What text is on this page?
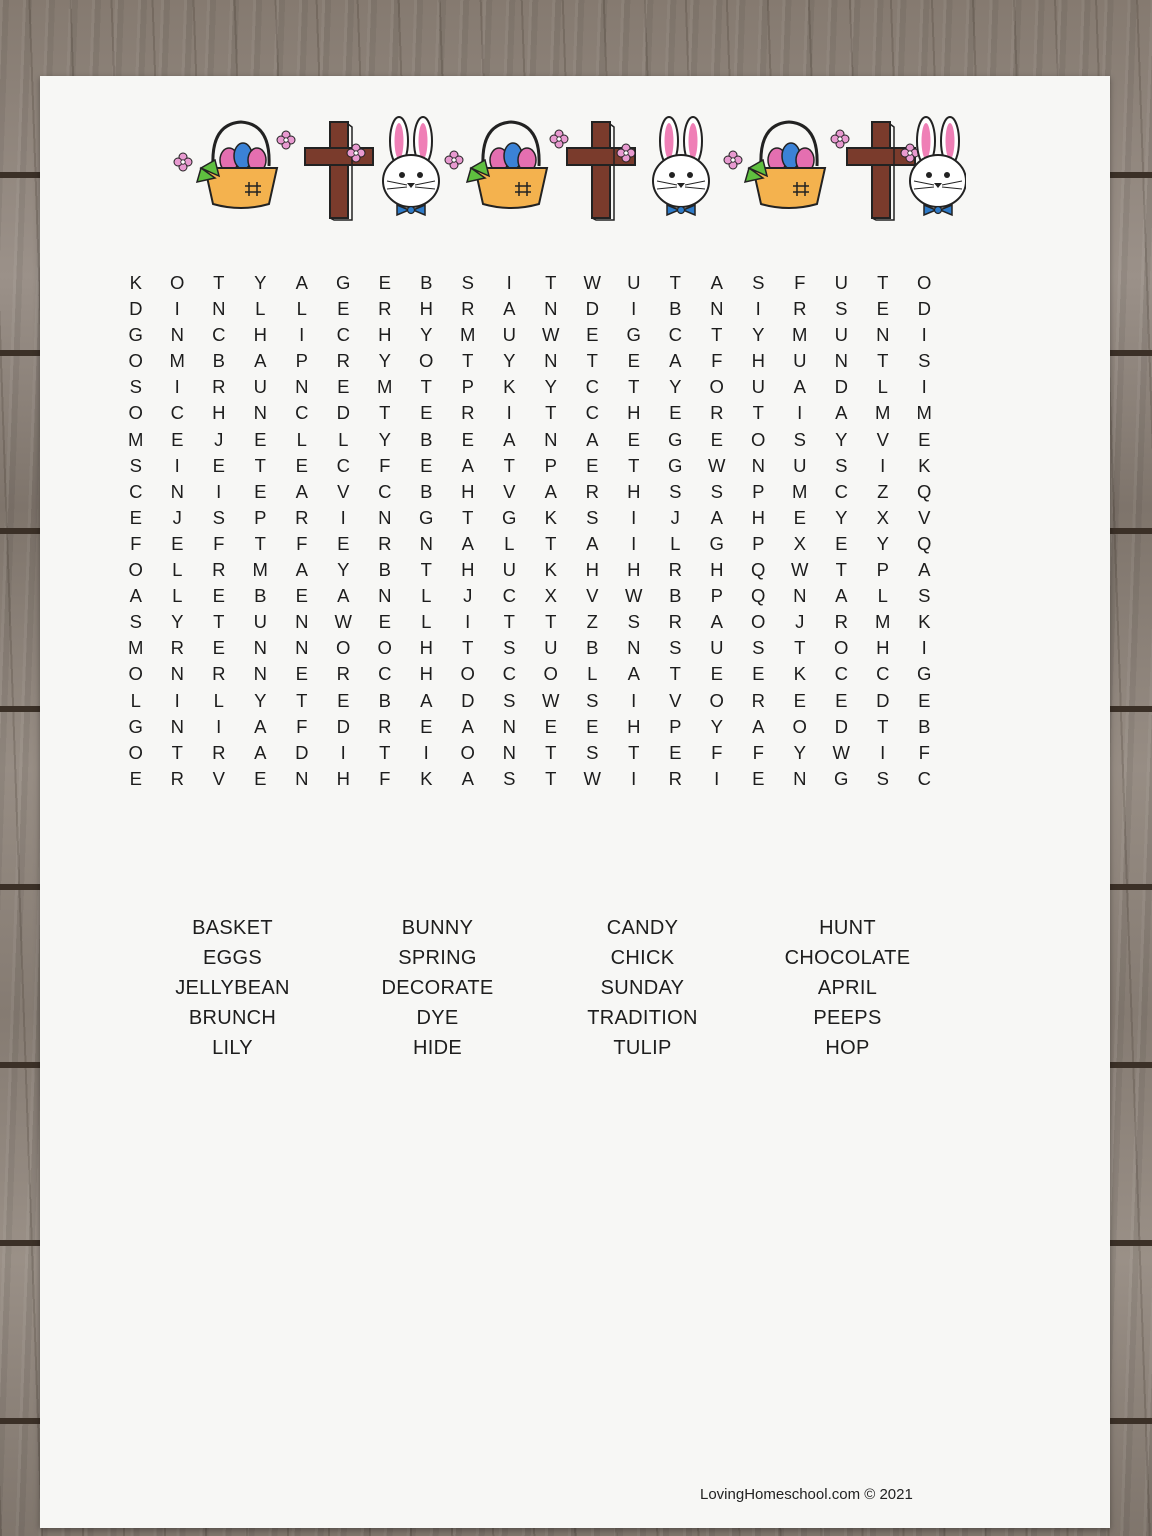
K	O	T	Y	A	G	E	B	S	I	T	W	U	T	A	S	F	U	T	O
D	I	N	L	L	E	R	H	R	A	N	D	I	B	N	I	R	S	E	D
G	N	C	H	I	C	H	Y	M	U	W	E	G	C	T	Y	M	U	N	I
O	M	B	A	P	R	Y	O	T	Y	N	T	E	A	F	H	U	N	T	S
S	I	R	U	N	E	M	T	P	K	Y	C	T	Y	O	U	A	D	L	I
O	C	H	N	C	D	T	E	R	I	T	C	H	E	R	T	I	A	M	M
M	E	J	E	L	L	Y	B	E	A	N	A	E	G	E	O	S	Y	V	E
S	I	E	T	E	C	F	E	A	T	P	E	T	G	W	N	U	S	I	K
C	N	I	E	A	V	C	B	H	V	A	R	H	S	S	P	M	C	Z	Q
E	J	S	P	R	I	N	G	T	G	K	S	I	J	A	H	E	Y	X	V
F	E	F	T	F	E	R	N	A	L	T	A	I	L	G	P	X	E	Y	Q
O	L	R	M	A	Y	B	T	H	U	K	H	H	R	H	Q	W	T	P	A
A	L	E	B	E	A	N	L	J	C	X	V	W	B	P	Q	N	A	L	S
S	Y	T	U	N	W	E	L	I	T	T	Z	S	R	A	O	J	R	M	K
M	R	E	N	N	O	O	H	T	S	U	B	N	S	U	S	T	O	H	I
O	N	R	N	E	R	C	H	O	C	O	L	A	T	E	E	K	C	C	G
L	I	L	Y	T	E	B	A	D	S	W	S	I	V	O	R	E	E	D	E
G	N	I	A	F	D	R	E	A	N	E	E	H	P	Y	A	O	D	T	B
O	T	R	A	D	I	T	I	O	N	T	S	T	E	F	F	Y	W	I	F
E	R	V	E	N	H	F	K	A	S	T	W	I	R	I	E	N	G	S	C
BASKET
EGGS
JELLYBEAN
BRUNCH
LILY
BUNNY
SPRING
DECORATE
DYE
HIDE
CANDY
CHICK
SUNDAY
TRADITION
TULIP
HUNT
CHOCOLATE
APRIL
PEEPS
HOP
LovingHomeschool.com © 2021
